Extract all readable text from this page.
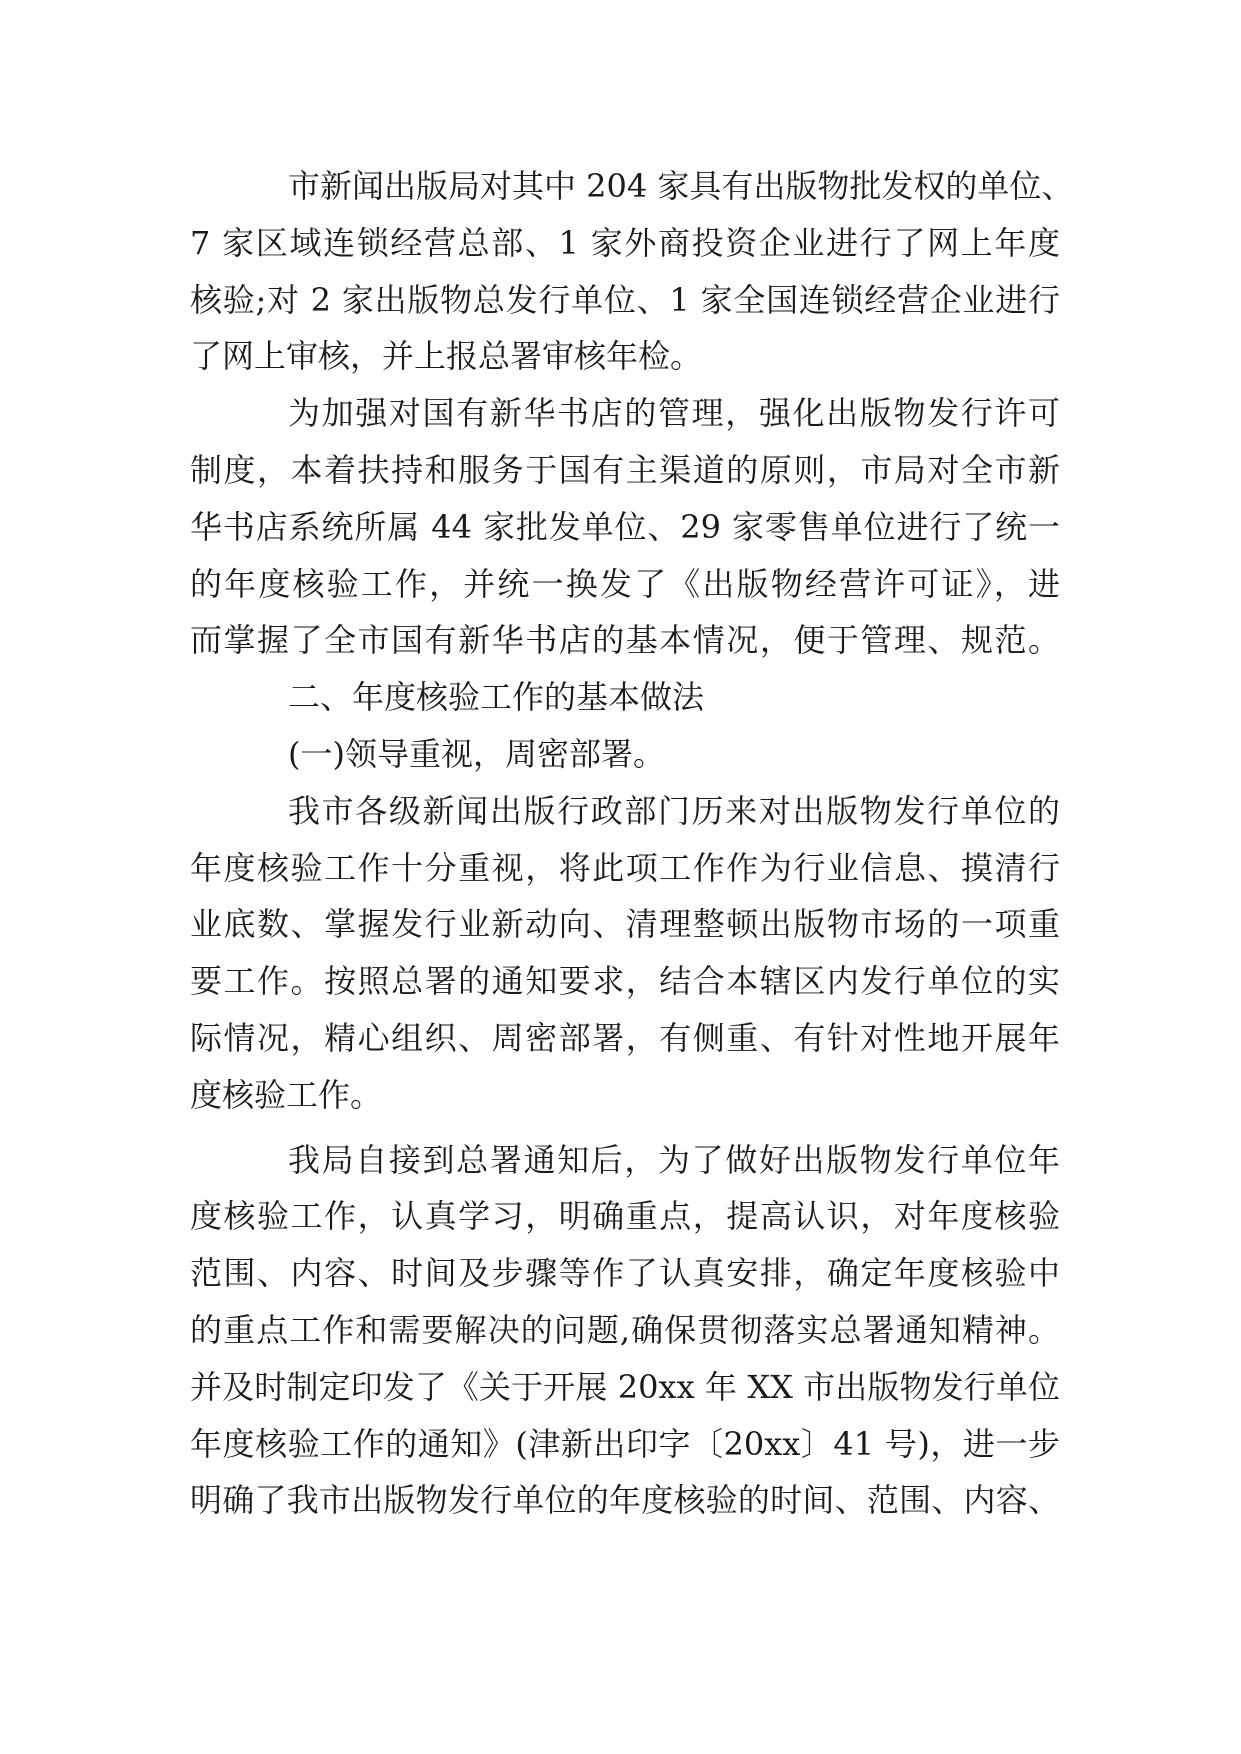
市新闻出版局对其中 204 家具有出版物批发权的单位、
7 家区域连锁经营总部、1 家外商投资企业进行了网上年度
核验;对 2 家出版物总发行单位、1 家全国连锁经营企业进行
了网上审核，并上报总署审核年检。
为加强对国有新华书店的管理，强化出版物发行许可
制度，本着扶持和服务于国有主渠道的原则，市局对全市新
华书店系统所属 44 家批发单位、29 家零售单位进行了统一
的年度核验工作，并统一换发了《出版物经营许可证》，进
而掌握了全市国有新华书店的基本情况，便于管理、规范。
二、年度核验工作的基本做法
(一)领导重视，周密部署。
我市各级新闻出版行政部门历来对出版物发行单位的
年度核验工作十分重视，将此项工作作为行业信息、摸清行
业底数、掌握发行业新动向、清理整顿出版物市场的一项重
要工作。按照总署的通知要求，结合本辖区内发行单位的实
际情况，精心组织、周密部署，有侧重、有针对性地开展年
度核验工作。
我局自接到总署通知后，为了做好出版物发行单位年
度核验工作，认真学习，明确重点，提高认识，对年度核验
范围、内容、时间及步骤等作了认真安排，确定年度核验中
的重点工作和需要解决的问题,确保贯彻落实总署通知精神。
并及时制定印发了《关于开展 20xx 年 XX 市出版物发行单位
年度核验工作的通知》(津新出印字〔20xx〕41 号)，进一步
明确了我市出版物发行单位的年度核验的时间、范围、内容、
